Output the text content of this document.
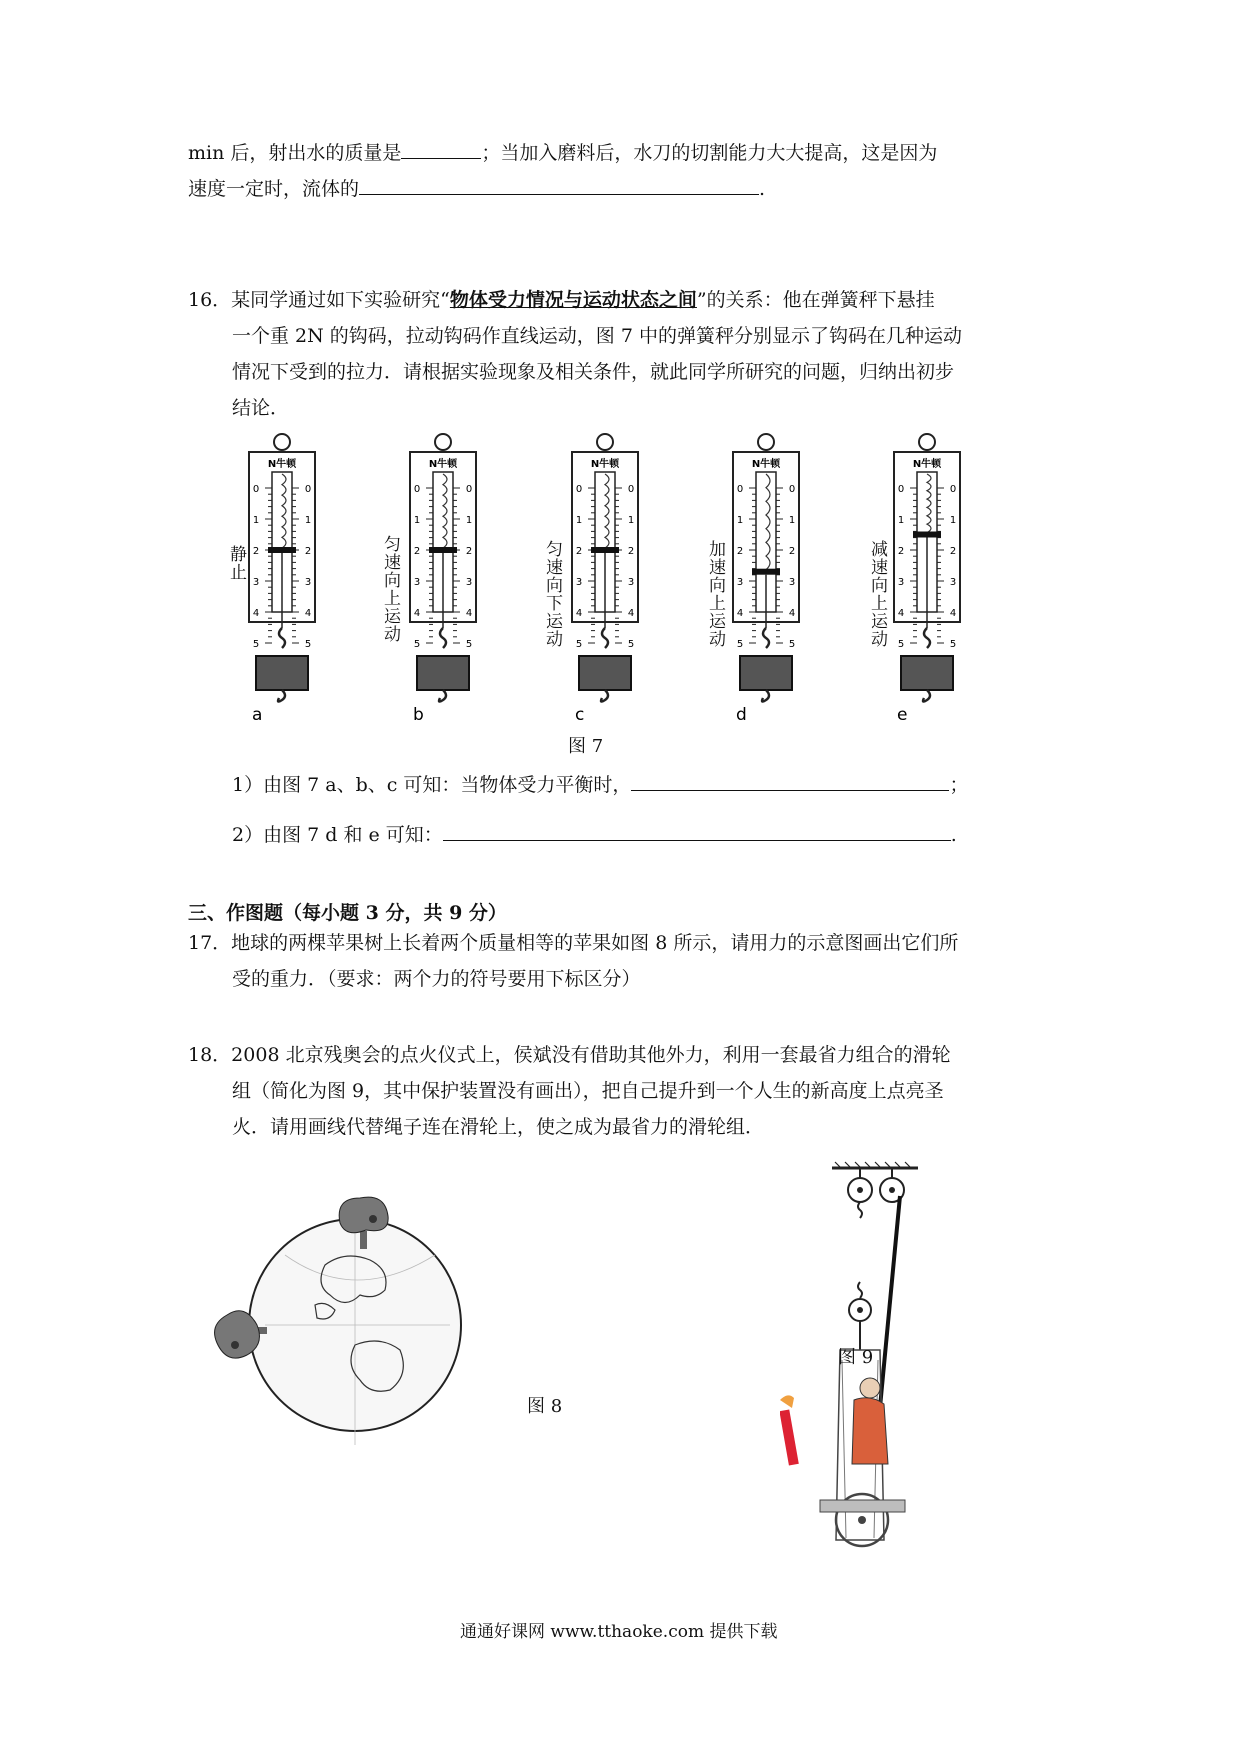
min 后，射出水的质量是	；当加入磨料后，水刀的切割能力大大提高，这是因为
速度一定时，流体的	.
16．某同学通过如下实验研究“物体受力情况与运动状态之间”的关系：他在弹簧秤下悬挂
一个重 2N 的钩码，拉动钩码作直线运动，图 7 中的弹簧秤分别显示了钩码在几种运动
情况下受到的拉力．请根据实验现象及相关条件，就此同学所研究的问题，归纳出初步
结论．
N牛顿
0	0
1	1
2	2
3	3
4	4
5	5
a
N牛顿
0	0
1	1
2	2
3	3
4	4
5	5
b
N牛顿
0	0
1	1
2	2
3	3
4	4
5	5
c
N牛顿
0	0
1	1
2	2
3	3
4	4
5	5
d
N牛顿
0	0
1	1
2	2
3	3
4	4
5	5
e
静止	匀速向上运动	匀速向下运动	加速向上运动	减速向上运动
图 7
1）由图 7 a、b、c 可知：当物体受力平衡时，	；
2）由图 7 d 和 e 可知：	.
三、作图题（每小题 3 分，共 9 分）
17．地球的两棵苹果树上长着两个质量相等的苹果如图 8 所示，请用力的示意图画出它们所
受的重力．（要求：两个力的符号要用下标区分）
18．2008 北京残奥会的点火仪式上，侯斌没有借助其他外力，利用一套最省力组合的滑轮
组（简化为图 9，其中保护装置没有画出），把自己提升到一个人生的新高度上点亮圣
火．请用画线代替绳子连在滑轮上，使之成为最省力的滑轮组．
图 8
图 9
通通好课网 www.tthaoke.com 提供下载
